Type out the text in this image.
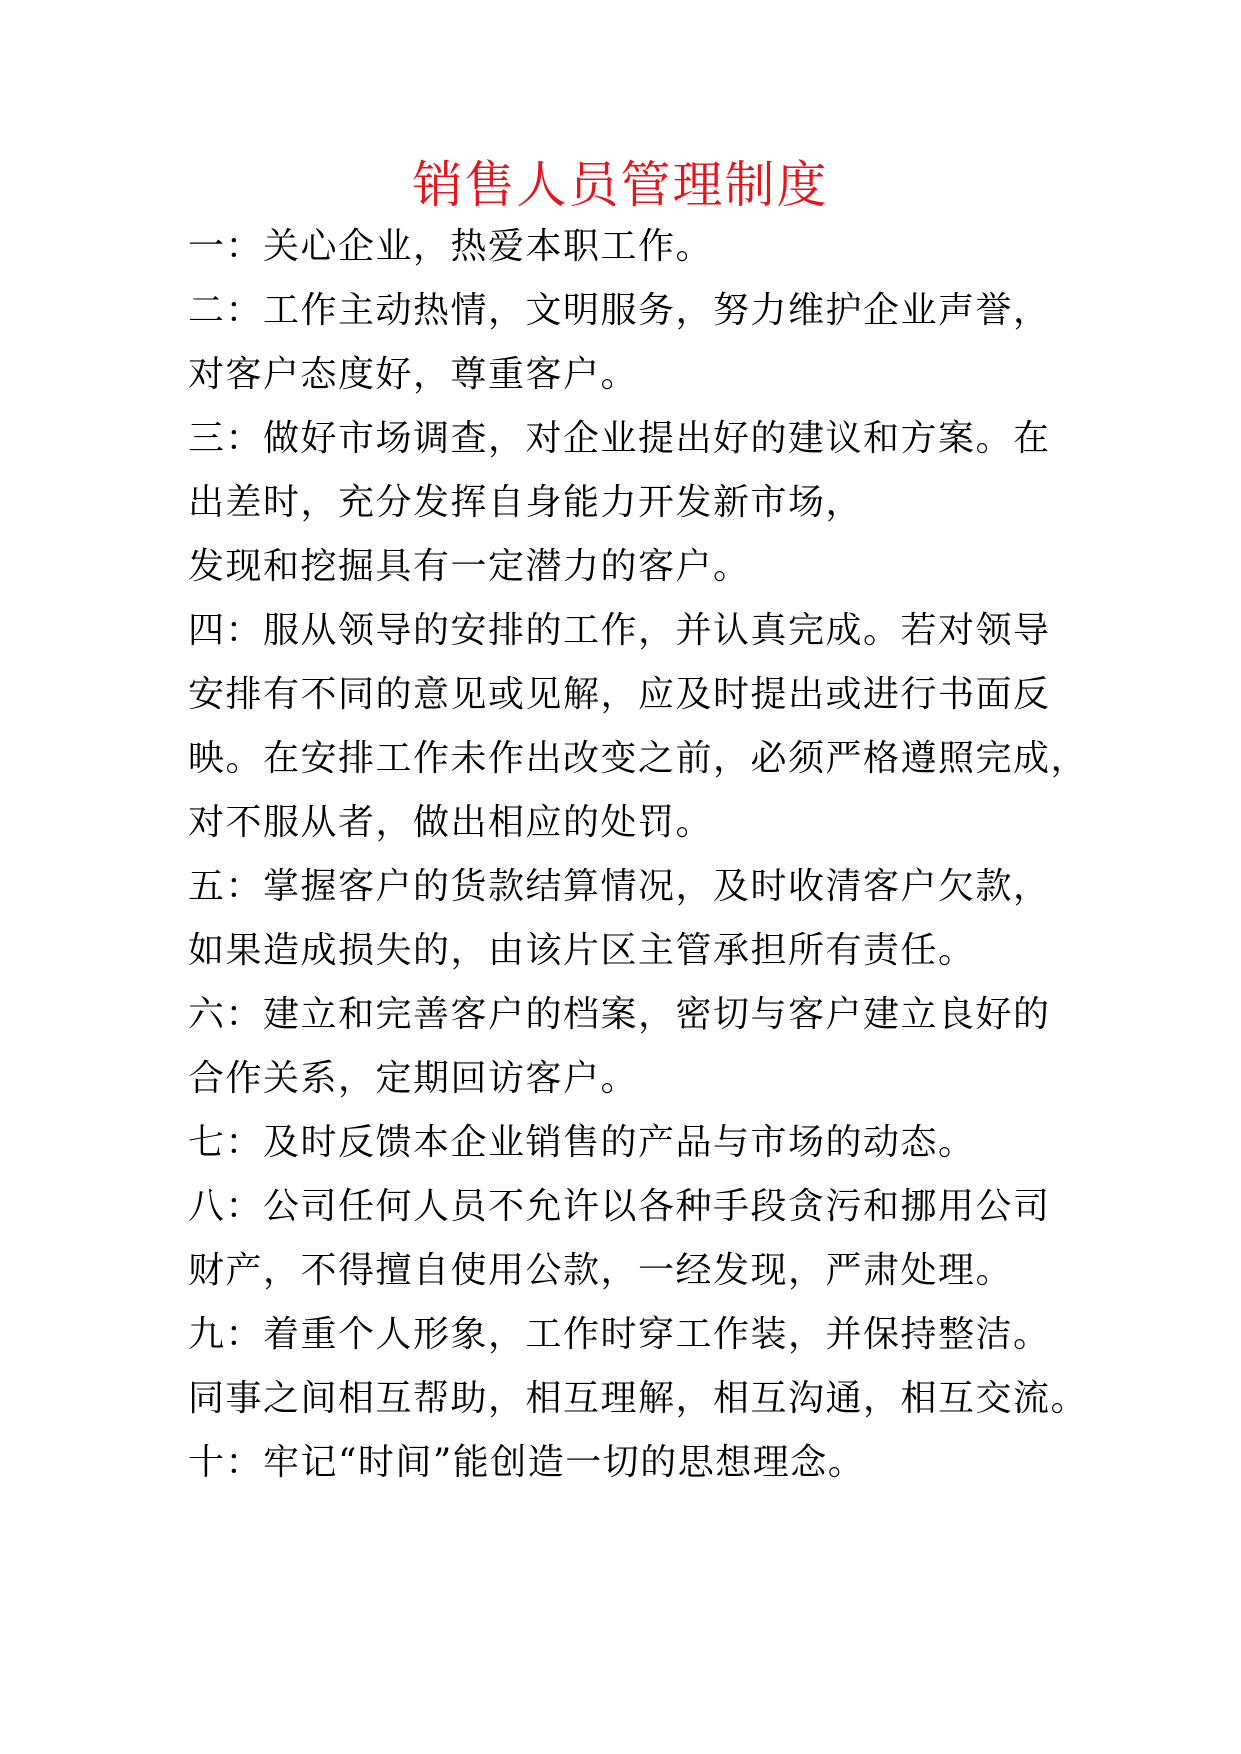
销售人员管理制度
一：关心企业，热爱本职工作。
二：工作主动热情，文明服务，努力维护企业声誉，
对客户态度好，尊重客户。
三：做好市场调查，对企业提出好的建议和方案。在
出差时，充分发挥自身能力开发新市场，
发现和挖掘具有一定潜力的客户。
四：服从领导的安排的工作，并认真完成。若对领导
安排有不同的意见或见解，应及时提出或进行书面反
映。在安排工作未作出改变之前，必须严格遵照完成，
对不服从者，做出相应的处罚。
五：掌握客户的货款结算情况，及时收清客户欠款，
如果造成损失的，由该片区主管承担所有责任。
六：建立和完善客户的档案，密切与客户建立良好的
合作关系，定期回访客户。
七：及时反馈本企业销售的产品与市场的动态。
八：公司任何人员不允许以各种手段贪污和挪用公司
财产，不得擅自使用公款，一经发现，严肃处理。
九：着重个人形象，工作时穿工作装，并保持整洁。
同事之间相互帮助，相互理解，相互沟通，相互交流。
十：牢记“时间”能创造一切的思想理念。
